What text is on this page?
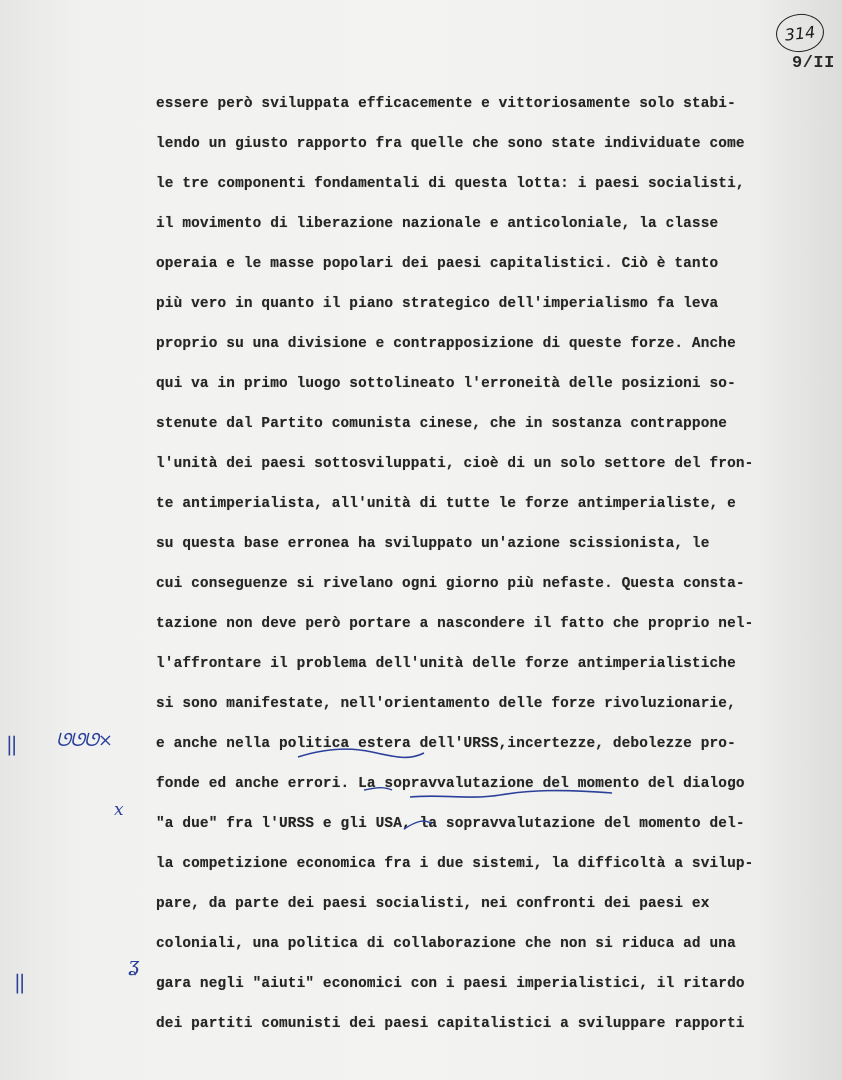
314
9/II
essere però sviluppata efficacemente e vittoriosamente solo stabi-
lendo un giusto rapporto fra quelle che sono state individuate come
le tre componenti fondamentali di questa lotta: i paesi socialisti,
il movimento di liberazione nazionale e anticoloniale, la classe
operaia e le masse popolari dei paesi capitalistici. Ciò è tanto
più vero in quanto il piano strategico dell'imperialismo fa leva
proprio su una divisione e contrapposizione di queste forze. Anche
qui va in primo luogo sottolineato l'erroneità delle posizioni so-
stenute dal Partito comunista cinese, che in sostanza contrappone
l'unità dei paesi sottosviluppati, cioè di un solo settore del fron-
te antimperialista, all'unità di tutte le forze antimperialiste, e
su questa base erronea ha sviluppato un'azione scissionista, le
cui conseguenze si rivelano ogni giorno più nefaste. Questa consta-
tazione non deve però portare a nascondere il fatto che proprio nel-
l'affrontare il problema dell'unità delle forze antimperialistiche
si sono manifestate, nell'orientamento delle forze rivoluzionarie,
e anche nella politica estera dell'URSS,incertezze, debolezze pro-
fonde ed anche errori. La sopravvalutazione del momento del dialogo
"a due" fra l'URSS e gli USA, la sopravvalutazione del momento del-
la competizione economica fra i due sistemi, la difficoltà a svilup-
pare, da parte dei paesi socialisti, nei confronti dei paesi ex
coloniali, una politica di collaborazione che non si riduca ad una
gara negli "aiuti" economici con i paesi imperialistici, il ritardo
dei partiti comunisti dei paesi capitalistici a sviluppare rapporti
|| ᘎᘎᘎ×
x
ʓ
||
